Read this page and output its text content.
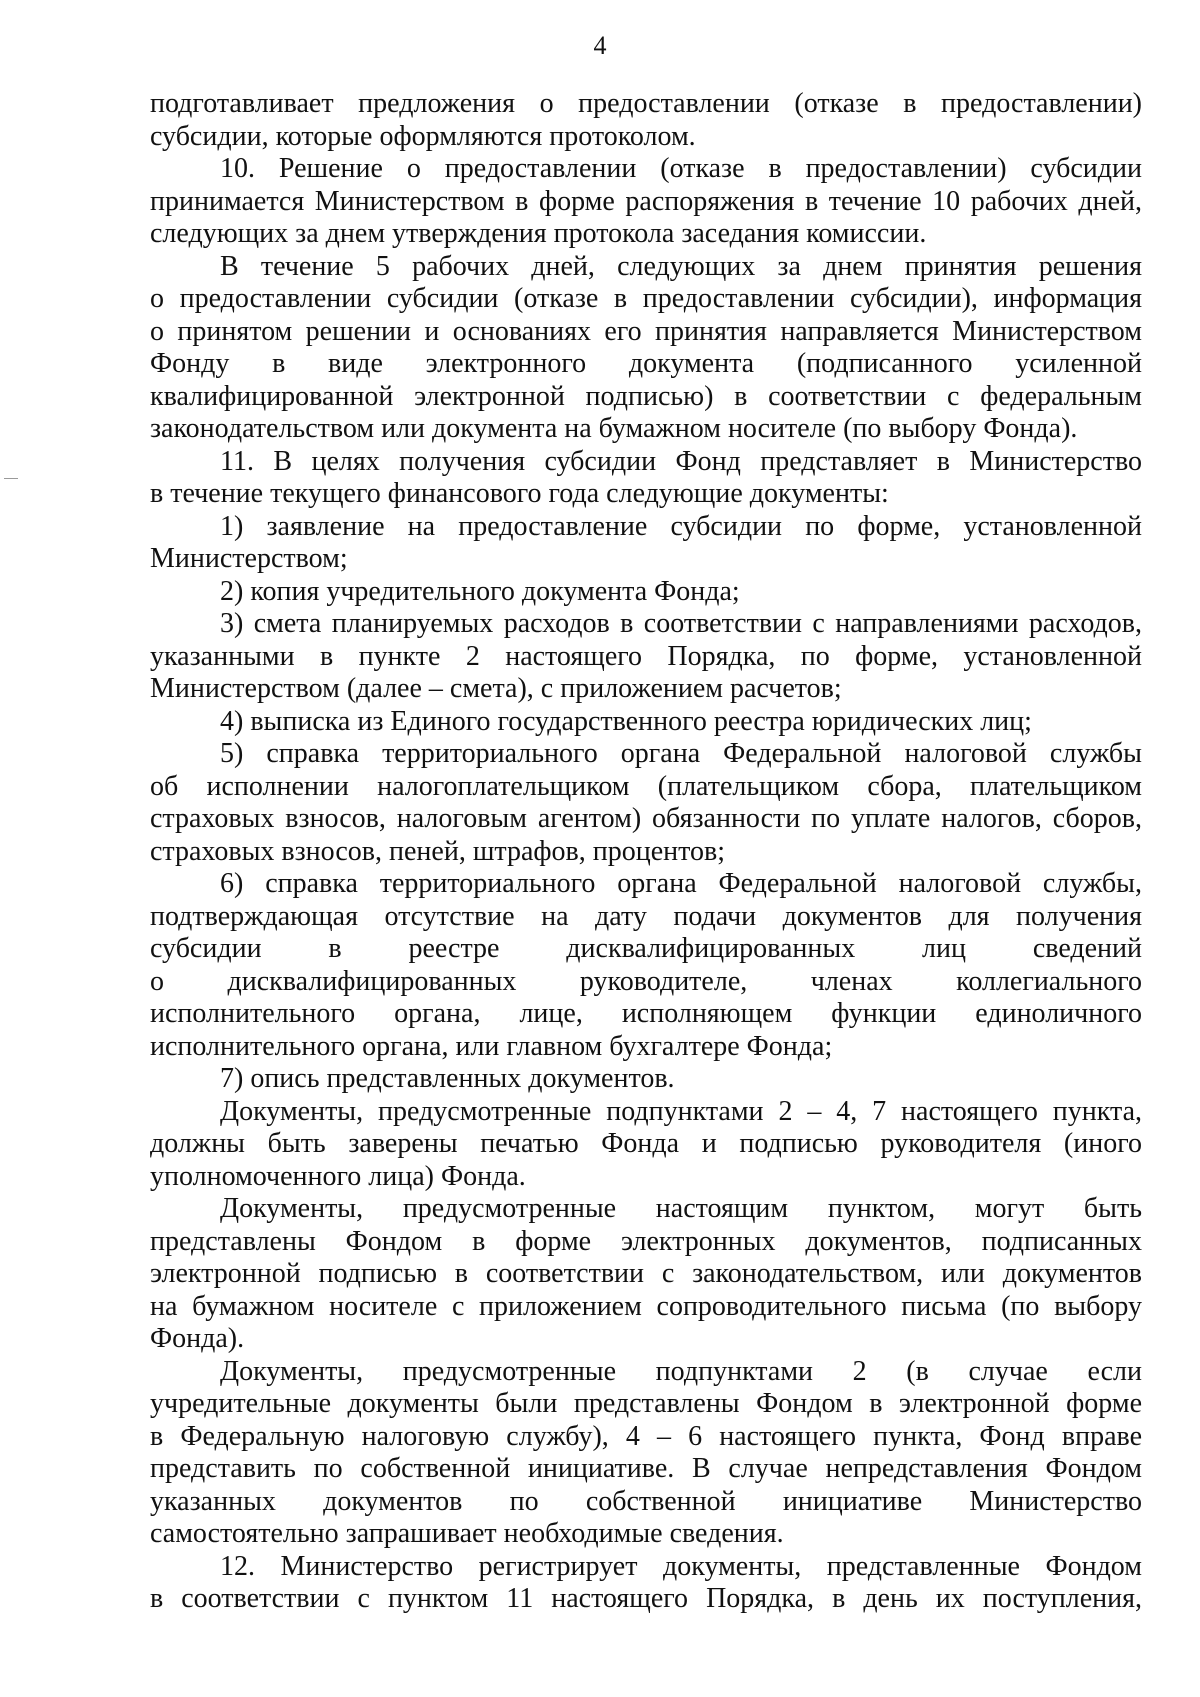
4
подготавливает предложения о предоставлении (отказе в предоставлении)
субсидии, которые оформляются протоколом.
10. Решение о предоставлении (отказе в предоставлении) субсидии
принимается Министерством в форме распоряжения в течение 10 рабочих дней,
следующих за днем утверждения протокола заседания комиссии.
В течение 5 рабочих дней, следующих за днем принятия решения
о предоставлении субсидии (отказе в предоставлении субсидии), информация
о принятом решении и основаниях его принятия направляется Министерством
Фонду в виде электронного документа (подписанного усиленной
квалифицированной электронной подписью) в соответствии с федеральным
законодательством или документа на бумажном носителе (по выбору Фонда).
11. В целях получения субсидии Фонд представляет в Министерство
в течение текущего финансового года следующие документы:
1) заявление на предоставление субсидии по форме, установленной
Министерством;
2) копия учредительного документа Фонда;
3) смета планируемых расходов в соответствии с направлениями расходов,
указанными в пункте 2 настоящего Порядка, по форме, установленной
Министерством (далее – смета), с приложением расчетов;
4) выписка из Единого государственного реестра юридических лиц;
5) справка территориального органа Федеральной налоговой службы
об исполнении налогоплательщиком (плательщиком сбора, плательщиком
страховых взносов, налоговым агентом) обязанности по уплате налогов, сборов,
страховых взносов, пеней, штрафов, процентов;
6) справка территориального органа Федеральной налоговой службы,
подтверждающая отсутствие на дату подачи документов для получения
субсидии в реестре дисквалифицированных лиц сведений
о дисквалифицированных руководителе, членах коллегиального
исполнительного органа, лице, исполняющем функции единоличного
исполнительного органа, или главном бухгалтере Фонда;
7) опись представленных документов.
Документы, предусмотренные подпунктами 2 – 4, 7 настоящего пункта,
должны быть заверены печатью Фонда и подписью руководителя (иного
уполномоченного лица) Фонда.
Документы, предусмотренные настоящим пунктом, могут быть
представлены Фондом в форме электронных документов, подписанных
электронной подписью в соответствии с законодательством, или документов
на бумажном носителе с приложением сопроводительного письма (по выбору
Фонда).
Документы, предусмотренные подпунктами 2 (в случае если
учредительные документы были представлены Фондом в электронной форме
в Федеральную налоговую службу), 4 – 6 настоящего пункта, Фонд вправе
представить по собственной инициативе. В случае непредставления Фондом
указанных документов по собственной инициативе Министерство
самостоятельно запрашивает необходимые сведения.
12. Министерство регистрирует документы, представленные Фондом
в соответствии с пунктом 11 настоящего Порядка, в день их поступления,
